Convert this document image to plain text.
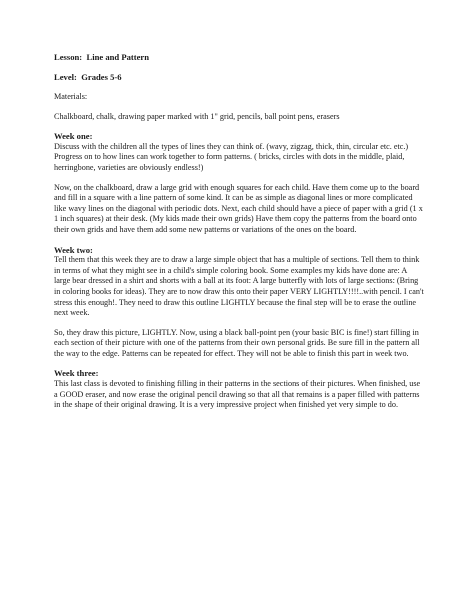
Lesson: Line and Pattern

Level: Grades 5-6

Materials:

Chalkboard, chalk, drawing paper marked with 1" grid, pencils, ball point pens, erasers

Week one:

Discuss with the children all the types of lines they can think of. (wavy, zigzag, thick, thin, circular etc. etc.) Progress on to how lines can work together to form patterns. ( bricks, circles with dots in the middle, plaid, herringbone, varieties are obviously endless!)

Now, on the chalkboard, draw a large grid with enough squares for each child. Have them come up to the board and fill in a square with a line pattern of some kind. It can be as simple as diagonal lines or more complicated like wavy lines on the diagonal with periodic dots. Next, each child should have a piece of paper with a grid (1 x 1 inch squares) at their desk. (My kids made their own grids) Have them copy the patterns from the board onto their own grids and have them add some new patterns or variations of the ones on the board.

Week two:

Tell them that this week they are to draw a large simple object that has a multiple of sections. Tell them to think in terms of what they might see in a child's simple coloring book. Some examples my kids have done are: A large bear dressed in a shirt and shorts with a ball at its foot: A large butterfly with lots of large sections: (Bring in coloring books for ideas). They are to now draw this onto their paper VERY LIGHTLY!!!!..with pencil. I can't stress this enough!. They need to draw this outline LIGHTLY because the final step will be to erase the outline next week.

So, they draw this picture, LIGHTLY. Now, using a black ball-point pen (your basic BIC is fine!) start filling in each section of their picture with one of the patterns from their own personal grids. Be sure fill in the pattern all the way to the edge. Patterns can be repeated for effect. They will not be able to finish this part in week two.

Week three:

This last class is devoted to finishing filling in their patterns in the sections of their pictures. When finished, use a GOOD eraser, and now erase the original pencil drawing so that all that remains is a paper filled with patterns in the shape of their original drawing. It is a very impressive project when finished yet very simple to do.
